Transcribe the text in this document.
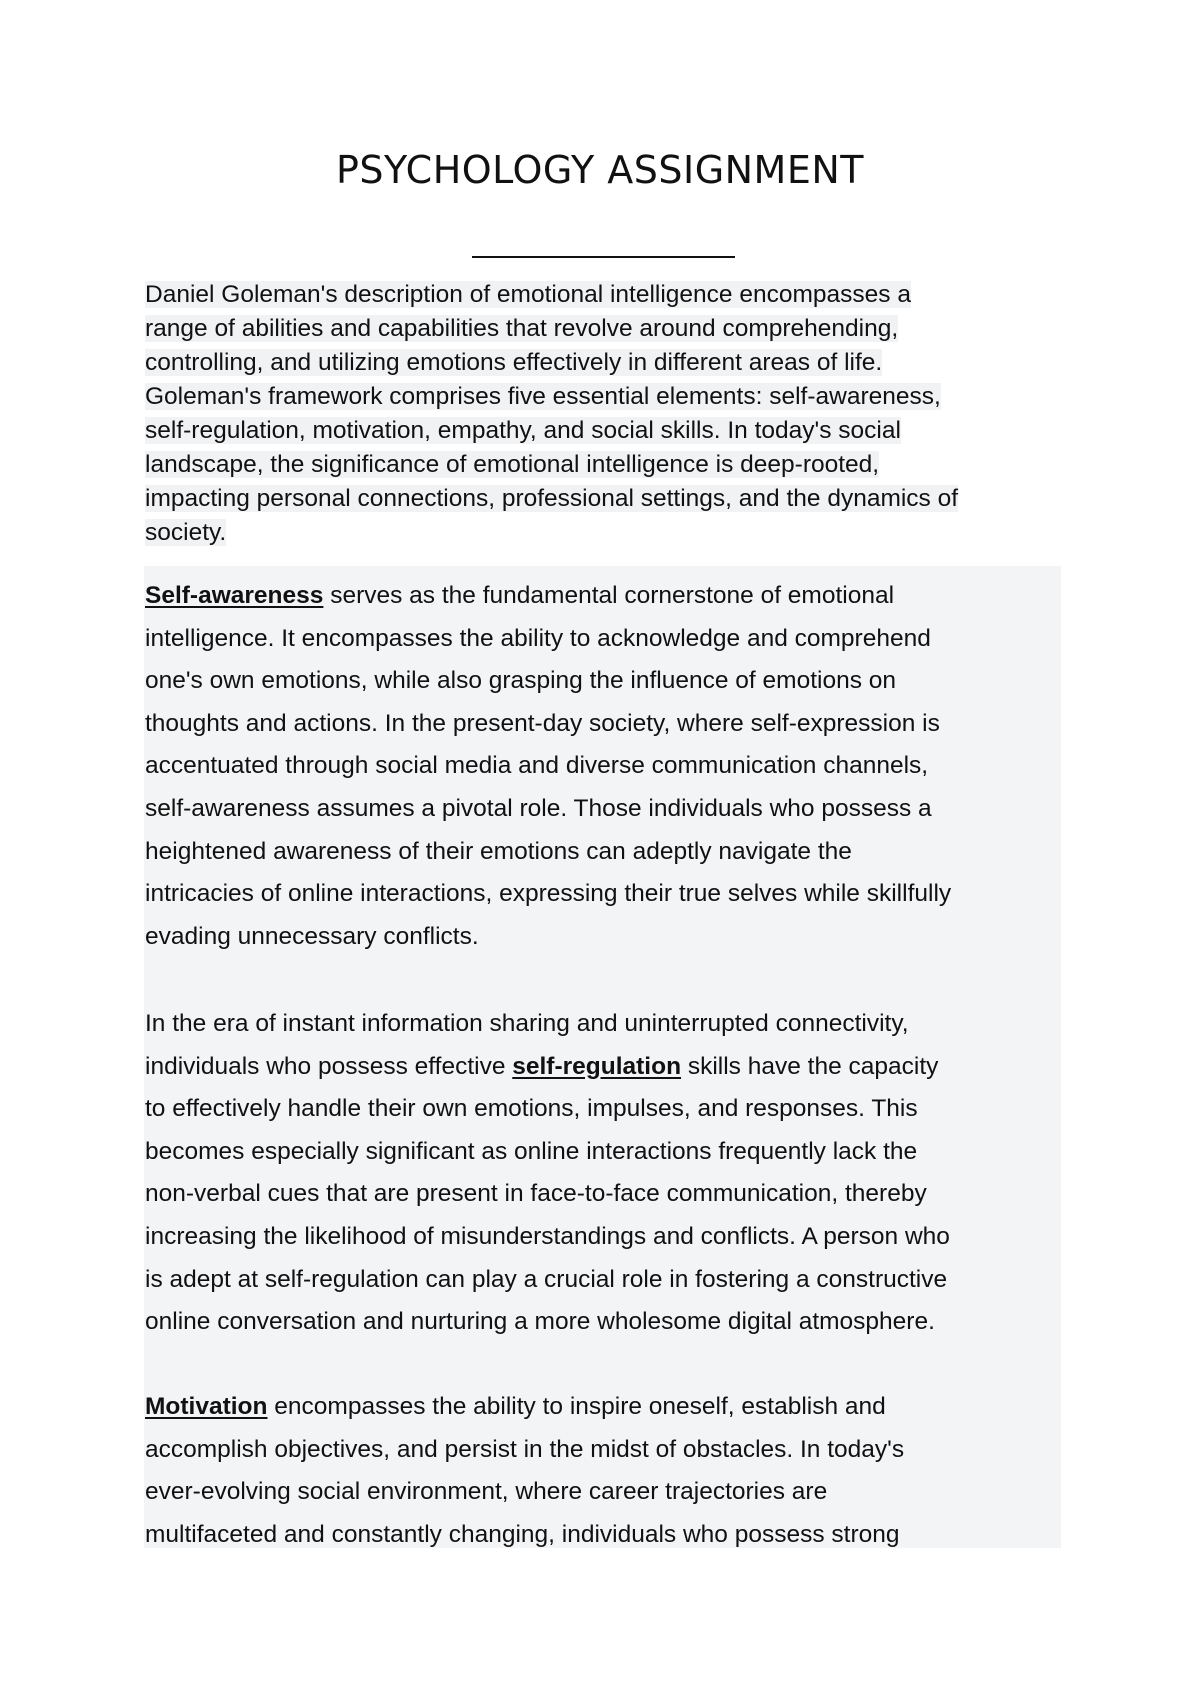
PSYCHOLOGY ASSIGNMENT
Daniel Goleman's description of emotional intelligence encompasses a
range of abilities and capabilities that revolve around comprehending,
controlling, and utilizing emotions effectively in different areas of life.
Goleman's framework comprises five essential elements: self-awareness,
self-regulation, motivation, empathy, and social skills. In today's social
landscape, the significance of emotional intelligence is deep-rooted,
impacting personal connections, professional settings, and the dynamics of
society.
Self-awareness serves as the fundamental cornerstone of emotional
intelligence. It encompasses the ability to acknowledge and comprehend
one's own emotions, while also grasping the influence of emotions on
thoughts and actions. In the present-day society, where self-expression is
accentuated through social media and diverse communication channels,
self-awareness assumes a pivotal role. Those individuals who possess a
heightened awareness of their emotions can adeptly navigate the
intricacies of online interactions, expressing their true selves while skillfully
evading unnecessary conflicts.
In the era of instant information sharing and uninterrupted connectivity,
individuals who possess effective self-regulation skills have the capacity
to effectively handle their own emotions, impulses, and responses. This
becomes especially significant as online interactions frequently lack the
non-verbal cues that are present in face-to-face communication, thereby
increasing the likelihood of misunderstandings and conflicts. A person who
is adept at self-regulation can play a crucial role in fostering a constructive
online conversation and nurturing a more wholesome digital atmosphere.
Motivation encompasses the ability to inspire oneself, establish and
accomplish objectives, and persist in the midst of obstacles. In today's
ever-evolving social environment, where career trajectories are
multifaceted and constantly changing, individuals who possess strong
